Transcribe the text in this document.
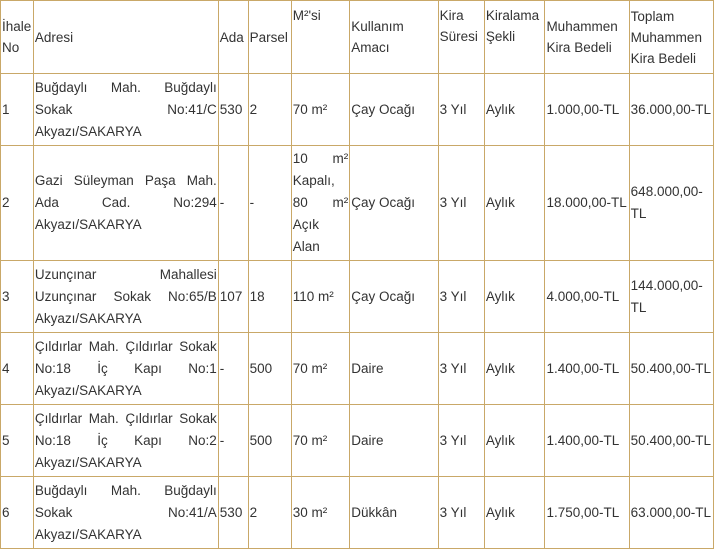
İhale No	Adresi	Ada	Parsel	M²'si	Kullanım Amacı	Kira Süresi	Kiralama Şekli	Muhammen Kira Bedeli	Toplam Muhammen Kira Bedeli
1	Buğdaylı Mah. Buğdaylı Sokak No:41/C Akyazı/SAKARYA	530	2	70 m²	Çay Ocağı	3 Yıl	Aylık	1.000,00-TL	36.000,00-TL
2	Gazi Süleyman Paşa Mah. Ada Cad. No:294 Akyazı/SAKARYA	-	-	10 m² Kapalı, 80 m² Açık Alan	Çay Ocağı	3 Yıl	Aylık	18.000,00-TL	648.000,00-TL
3	Uzunçınar Mahallesi Uzunçınar Sokak No:65/B Akyazı/SAKARYA	107	18	110 m²	Çay Ocağı	3 Yıl	Aylık	4.000,00-TL	144.000,00-TL
4	Çıldırlar Mah. Çıldırlar Sokak No:18 İç Kapı No:1 Akyazı/SAKARYA	-	500	70 m²	Daire	3 Yıl	Aylık	1.400,00-TL	50.400,00-TL
5	Çıldırlar Mah. Çıldırlar Sokak No:18 İç Kapı No:2 Akyazı/SAKARYA	-	500	70 m²	Daire	3 Yıl	Aylık	1.400,00-TL	50.400,00-TL
6	Buğdaylı Mah. Buğdaylı Sokak No:41/A Akyazı/SAKARYA	530	2	30 m²	Dükkân	3 Yıl	Aylık	1.750,00-TL	63.000,00-TL
